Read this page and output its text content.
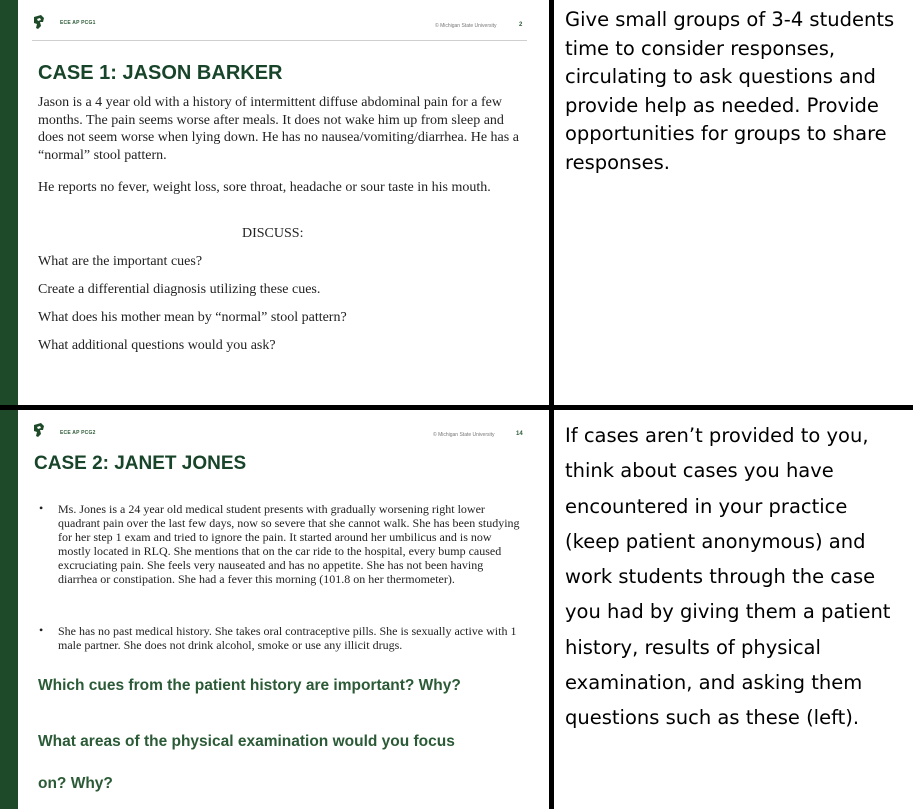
ECE AP PCG1	© Michigan State University	2
CASE 1: JASON BARKER
Jason is a 4 year old with a history of intermittent diffuse abdominal pain for a few months. The pain seems worse after meals. It does not wake him up from sleep and does not seem worse when lying down. He has no nausea/vomiting/diarrhea. He has a “normal” stool pattern.
He reports no fever, weight loss, sore throat, headache or sour taste in his mouth.
DISCUSS:
What are the important cues?
Create a differential diagnosis utilizing these cues.
What does his mother mean by “normal” stool pattern?
What additional questions would you ask?
ECE AP PCG2	© Michigan State University	14
CASE 2: JANET JONES
• Ms. Jones is a 24 year old medical student presents with gradually worsening right lower quadrant pain over the last few days, now so severe that she cannot walk. She has been studying for her step 1 exam and tried to ignore the pain. It started around her umbilicus and is now mostly located in RLQ. She mentions that on the car ride to the hospital, every bump caused excruciating pain. She feels very nauseated and has no appetite. She has not been having diarrhea or constipation. She had a fever this morning (101.8 on her thermometer).
• She has no past medical history. She takes oral contraceptive pills. She is sexually active with 1 male partner. She does not drink alcohol, smoke or use any illicit drugs.
Which cues from the patient history are important? Why?
What areas of the physical examination would you focus
on? Why?
Give small groups of 3-4 students time to consider responses, circulating to ask questions and provide help as needed. Provide opportunities for groups to share responses.
If cases aren’t provided to you, think about cases you have encountered in your practice (keep patient anonymous) and work students through the case you had by giving them a patient history, results of physical examination, and asking them questions such as these (left).
